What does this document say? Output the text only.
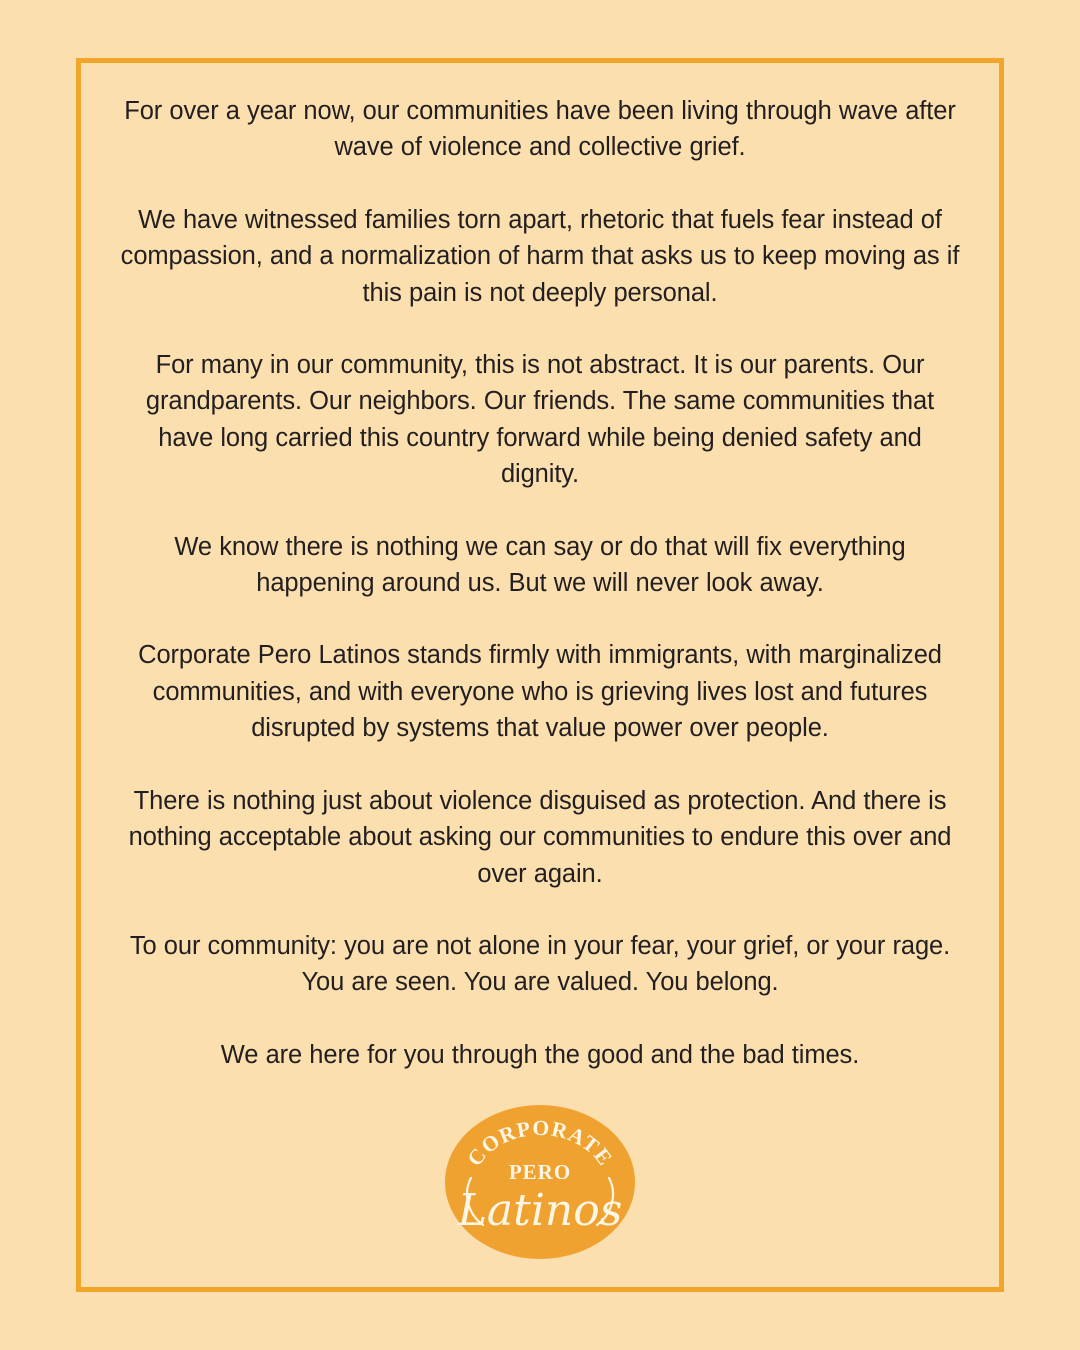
For over a year now, our communities have been living through wave after wave of violence and collective grief.

We have witnessed families torn apart, rhetoric that fuels fear instead of compassion, and a normalization of harm that asks us to keep moving as if this pain is not deeply personal.

For many in our community, this is not abstract. It is our parents. Our grandparents. Our neighbors. Our friends. The same communities that have long carried this country forward while being denied safety and dignity.

We know there is nothing we can say or do that will fix everything happening around us. But we will never look away.

Corporate Pero Latinos stands firmly with immigrants, with marginalized communities, and with everyone who is grieving lives lost and futures disrupted by systems that value power over people.

There is nothing just about violence disguised as protection. And there is nothing acceptable about asking our communities to endure this over and over again.

To our community: you are not alone in your fear, your grief, or your rage. You are seen. You are valued. You belong.

We are here for you through the good and the bad times.

CORPORATE
PERO
Latinos
